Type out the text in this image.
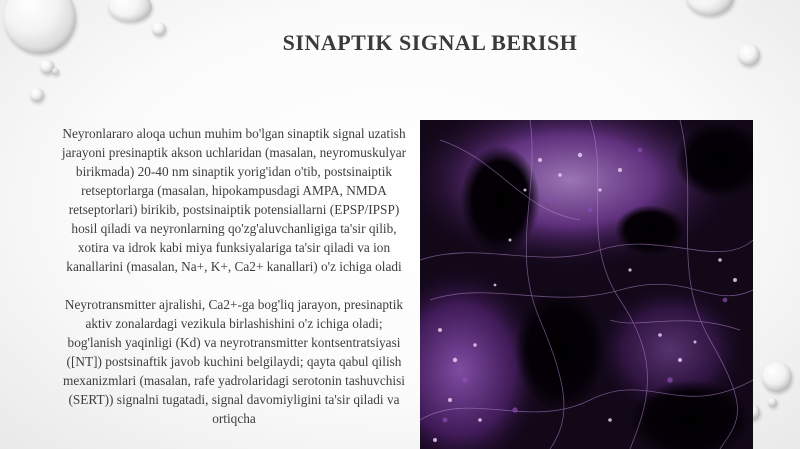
SINAPTIK SIGNAL BERISH

Neyronlararo aloqa uchun muhim bo'lgan sinaptik signal uzatish jarayoni presinaptik akson uchlaridan (masalan, neyromuskulyar birikmada) 20-40 nm sinaptik yorig'idan o'tib, postsinaiptik retseptorlarga (masalan, hipokampusdagi AMPA, NMDA retseptorlari) birikib, postsinaiptik potensiallarni (EPSP/IPSP) hosil qiladi va neyronlarning qo'zg'aluvchanligiga ta'sir qilib, xotira va idrok kabi miya funksiyalariga ta'sir qiladi va ion kanallarini (masalan, Na+, K+, Ca2+ kanallari) o'z ichiga oladi

Neyrotransmitter ajralishi, Ca2+-ga bog'liq jarayon, presinaptik aktiv zonalardagi vezikula birlashishini o'z ichiga oladi; bog'lanish yaqinligi (Kd) va neyrotransmitter kontsentratsiyasi ([NT]) postsinaftik javob kuchini belgilaydi; qayta qabul qilish mexanizmlari (masalan, rafe yadrolaridagi serotonin tashuvchisi (SERT)) signalni tugatadi, signal davomiyligini ta'sir qiladi va ortiqcha
